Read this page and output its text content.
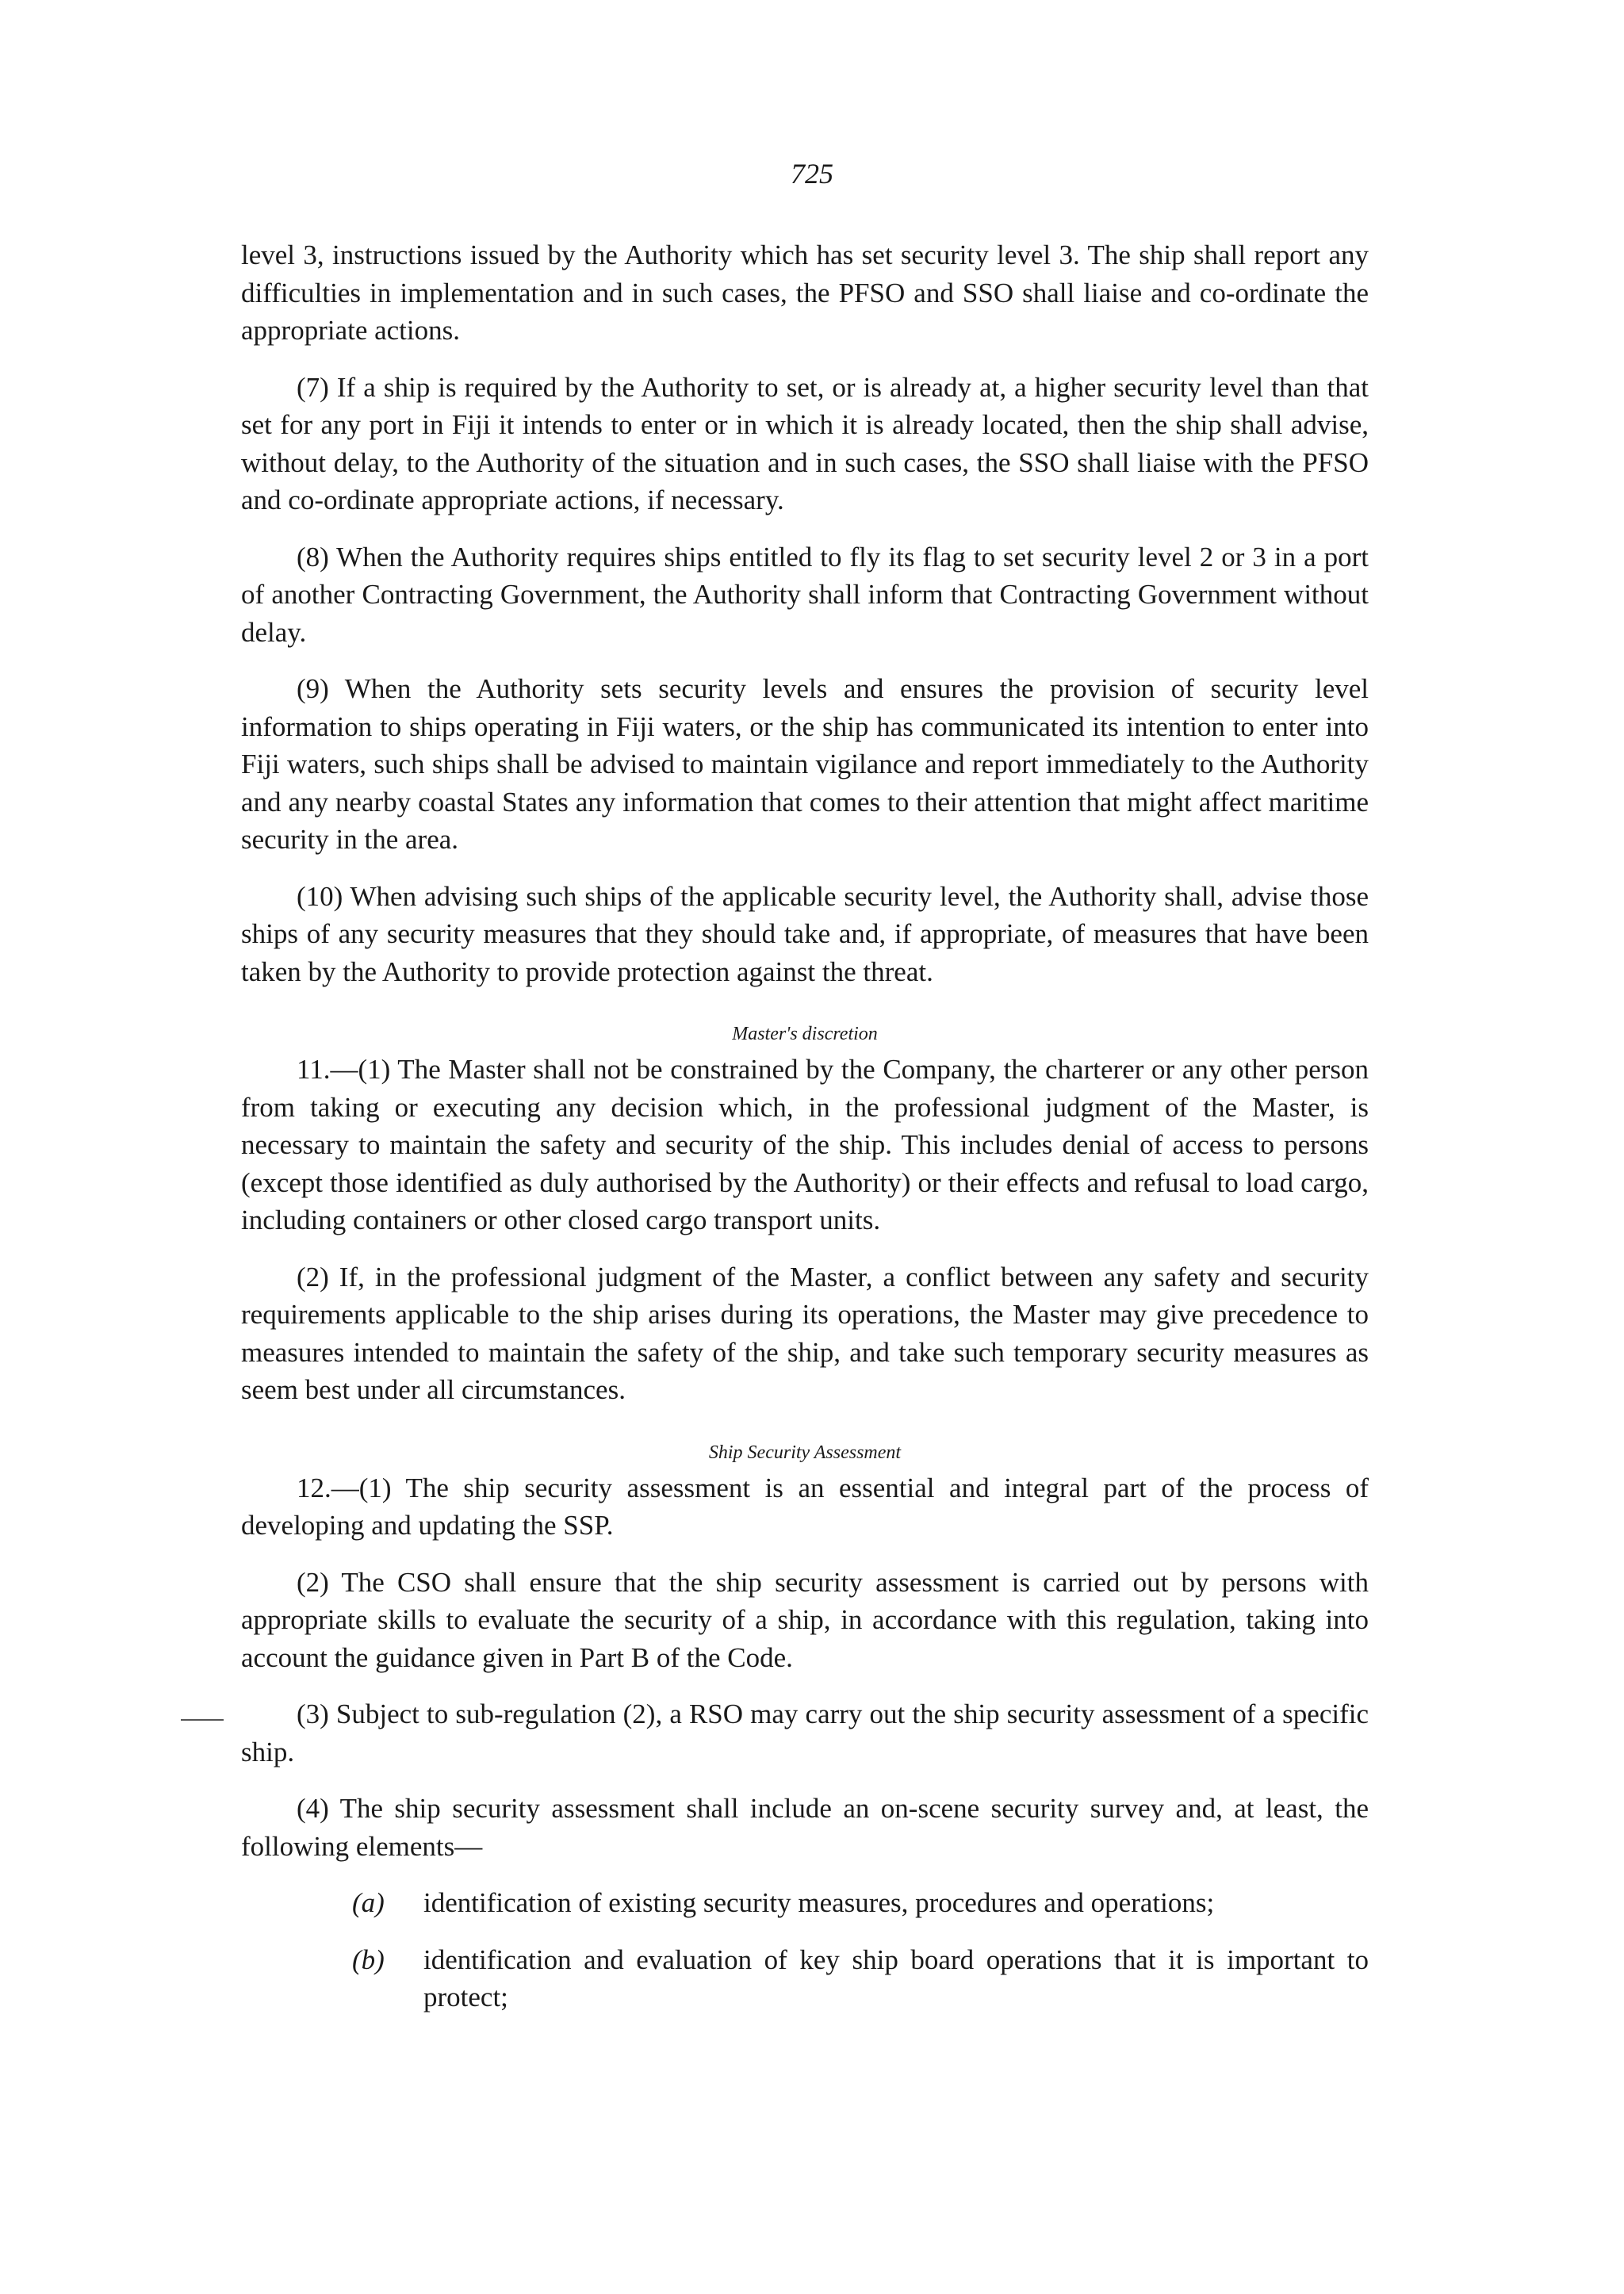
725

level 3, instructions issued by the Authority which has set security level 3. The ship shall report any difficulties in implementation and in such cases, the PFSO and SSO shall liaise and co-ordinate the appropriate actions.

(7) If a ship is required by the Authority to set, or is already at, a higher security level than that set for any port in Fiji it intends to enter or in which it is already located, then the ship shall advise, without delay, to the Authority of the situation and in such cases, the SSO shall liaise with the PFSO and co-ordinate appropriate actions, if necessary.

(8) When the Authority requires ships entitled to fly its flag to set security level 2 or 3 in a port of another Contracting Government, the Authority shall inform that Contracting Government without delay.

(9) When the Authority sets security levels and ensures the provision of security level information to ships operating in Fiji waters, or the ship has communicated its intention to enter into Fiji waters, such ships shall be advised to maintain vigilance and report immediately to the Authority and any nearby coastal States any information that comes to their attention that might affect maritime security in the area.

(10) When advising such ships of the applicable security level, the Authority shall, advise those ships of any security measures that they should take and, if appropriate, of measures that have been taken by the Authority to provide protection against the threat.

Master's discretion

11.—(1) The Master shall not be constrained by the Company, the charterer or any other person from taking or executing any decision which, in the professional judgment of the Master, is necessary to maintain the safety and security of the ship. This includes denial of access to persons (except those identified as duly authorised by the Authority) or their effects and refusal to load cargo, including containers or other closed cargo transport units.

(2) If, in the professional judgment of the Master, a conflict between any safety and security requirements applicable to the ship arises during its operations, the Master may give precedence to measures intended to maintain the safety of the ship, and take such temporary security measures as seem best under all circumstances.

Ship Security Assessment

12.—(1) The ship security assessment is an essential and integral part of the process of developing and updating the SSP.

(2) The CSO shall ensure that the ship security assessment is carried out by persons with appropriate skills to evaluate the security of a ship, in accordance with this regulation, taking into account the guidance given in Part B of the Code.

(3) Subject to sub-regulation (2), a RSO may carry out the ship security assessment of a specific ship.

(4) The ship security assessment shall include an on-scene security survey and, at least, the following elements—

(a) identification of existing security measures, procedures and operations;
(b) identification and evaluation of key ship board operations that it is important to protect;
